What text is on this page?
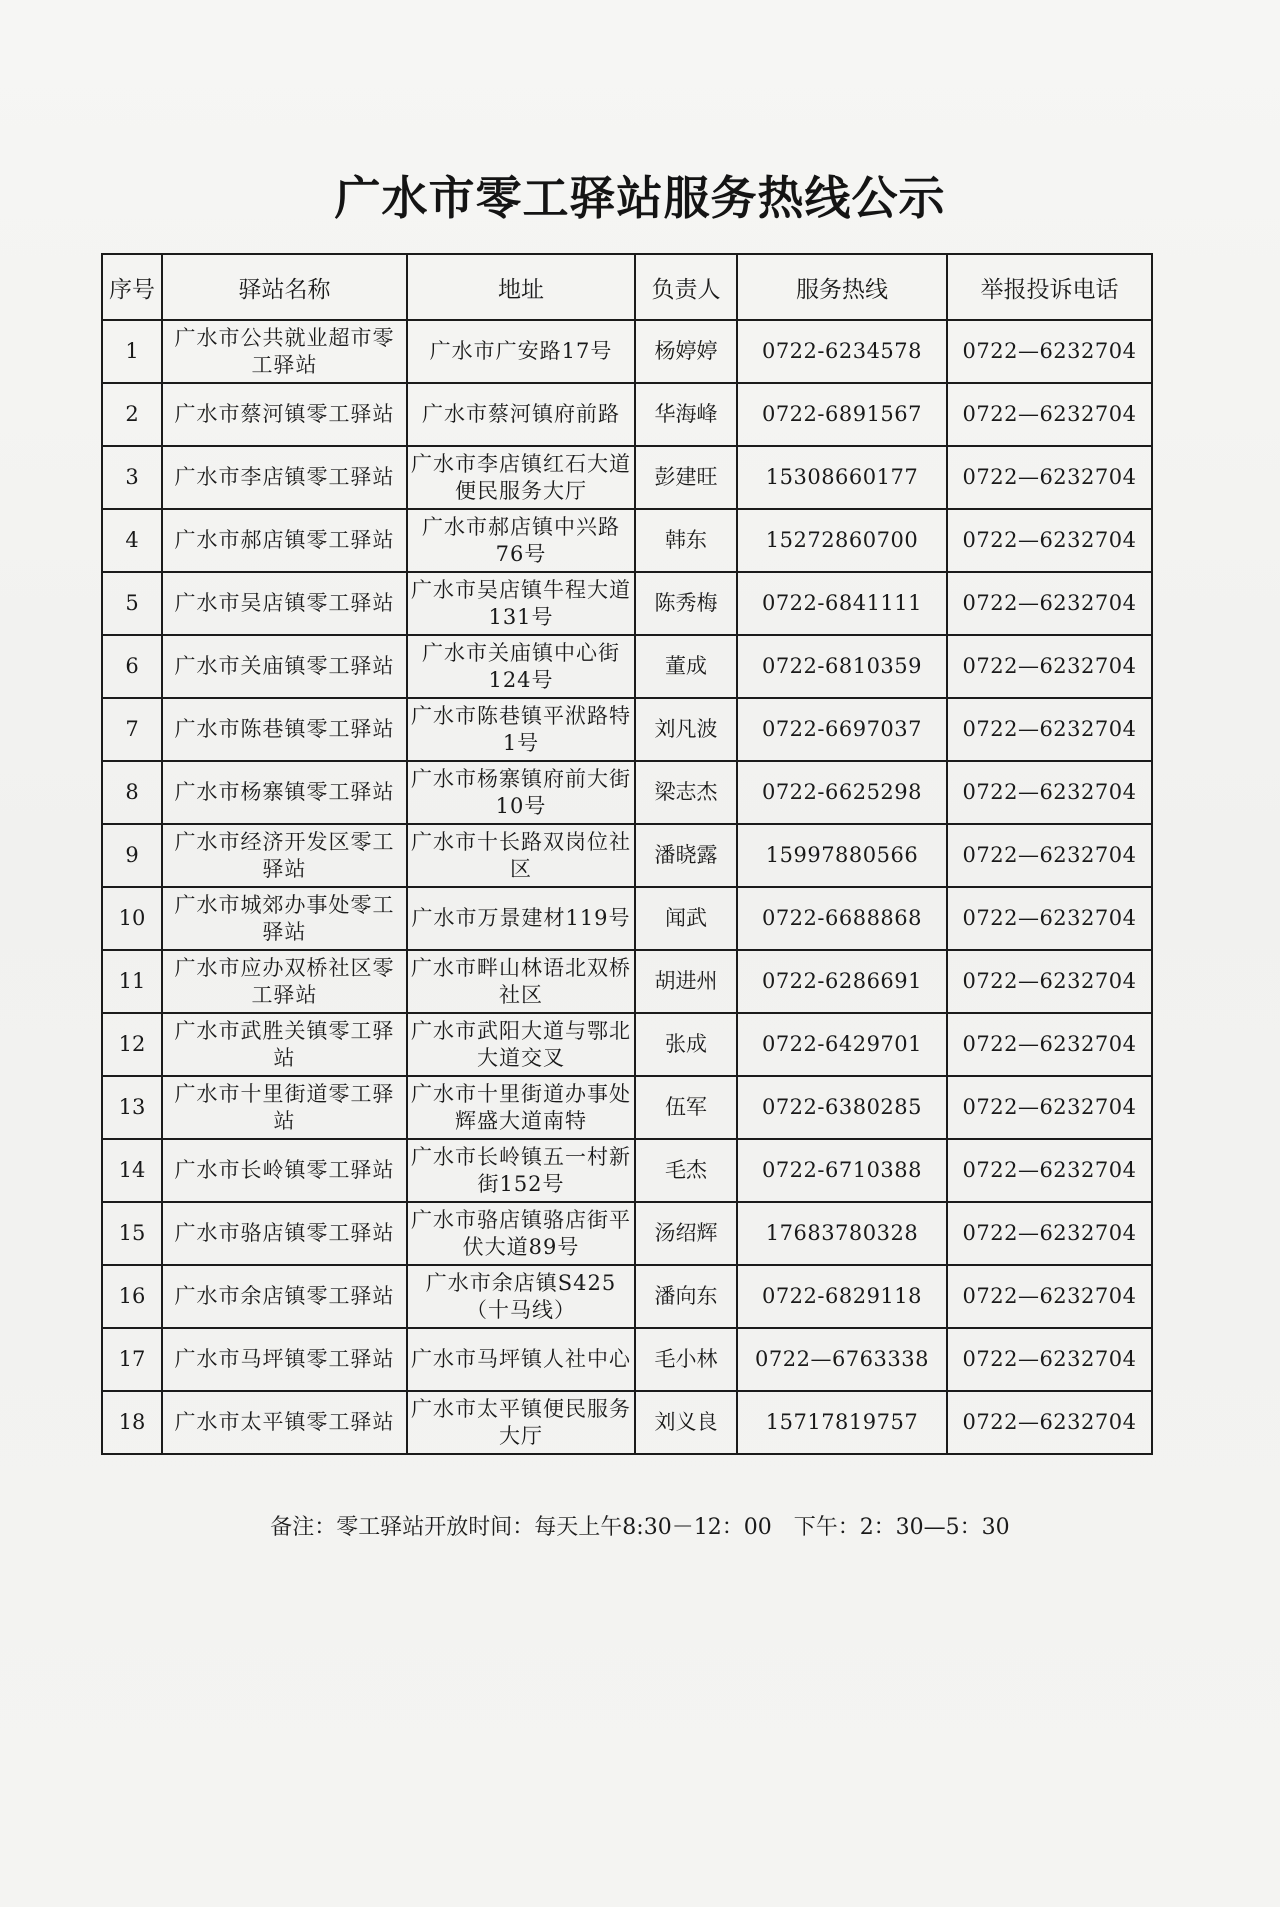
广水市零工驿站服务热线公示
序号	驿站名称	地址	负责人	服务热线	举报投诉电话
1	广水市公共就业超市零工驿站	广水市广安路17号	杨婷婷	0722-6234578	0722—6232704
2	广水市蔡河镇零工驿站	广水市蔡河镇府前路	华海峰	0722-6891567	0722—6232704
3	广水市李店镇零工驿站	广水市李店镇红石大道便民服务大厅	彭建旺	15308660177	0722—6232704
4	广水市郝店镇零工驿站	广水市郝店镇中兴路76号	韩东	15272860700	0722—6232704
5	广水市吴店镇零工驿站	广水市吴店镇牛程大道131号	陈秀梅	0722-6841111	0722—6232704
6	广水市关庙镇零工驿站	广水市关庙镇中心街124号	董成	0722-6810359	0722—6232704
7	广水市陈巷镇零工驿站	广水市陈巷镇平洑路特1号	刘凡波	0722-6697037	0722—6232704
8	广水市杨寨镇零工驿站	广水市杨寨镇府前大街10号	梁志杰	0722-6625298	0722—6232704
9	广水市经济开发区零工驿站	广水市十长路双岗位社区	潘晓露	15997880566	0722—6232704
10	广水市城郊办事处零工驿站	广水市万景建材119号	闻武	0722-6688868	0722—6232704
11	广水市应办双桥社区零工驿站	广水市畔山林语北双桥社区	胡进州	0722-6286691	0722—6232704
12	广水市武胜关镇零工驿站	广水市武阳大道与鄂北大道交叉	张成	0722-6429701	0722—6232704
13	广水市十里街道零工驿站	广水市十里街道办事处辉盛大道南特	伍军	0722-6380285	0722—6232704
14	广水市长岭镇零工驿站	广水市长岭镇五一村新街152号	毛杰	0722-6710388	0722—6232704
15	广水市骆店镇零工驿站	广水市骆店镇骆店街平伏大道89号	汤绍辉	17683780328	0722—6232704
16	广水市余店镇零工驿站	广水市余店镇S425（十马线）	潘向东	0722-6829118	0722—6232704
17	广水市马坪镇零工驿站	广水市马坪镇人社中心	毛小林	0722—6763338	0722—6232704
18	广水市太平镇零工驿站	广水市太平镇便民服务大厅	刘义良	15717819757	0722—6232704
备注：零工驿站开放时间：每天上午8:30－12：00　下午：2：30—5：30
